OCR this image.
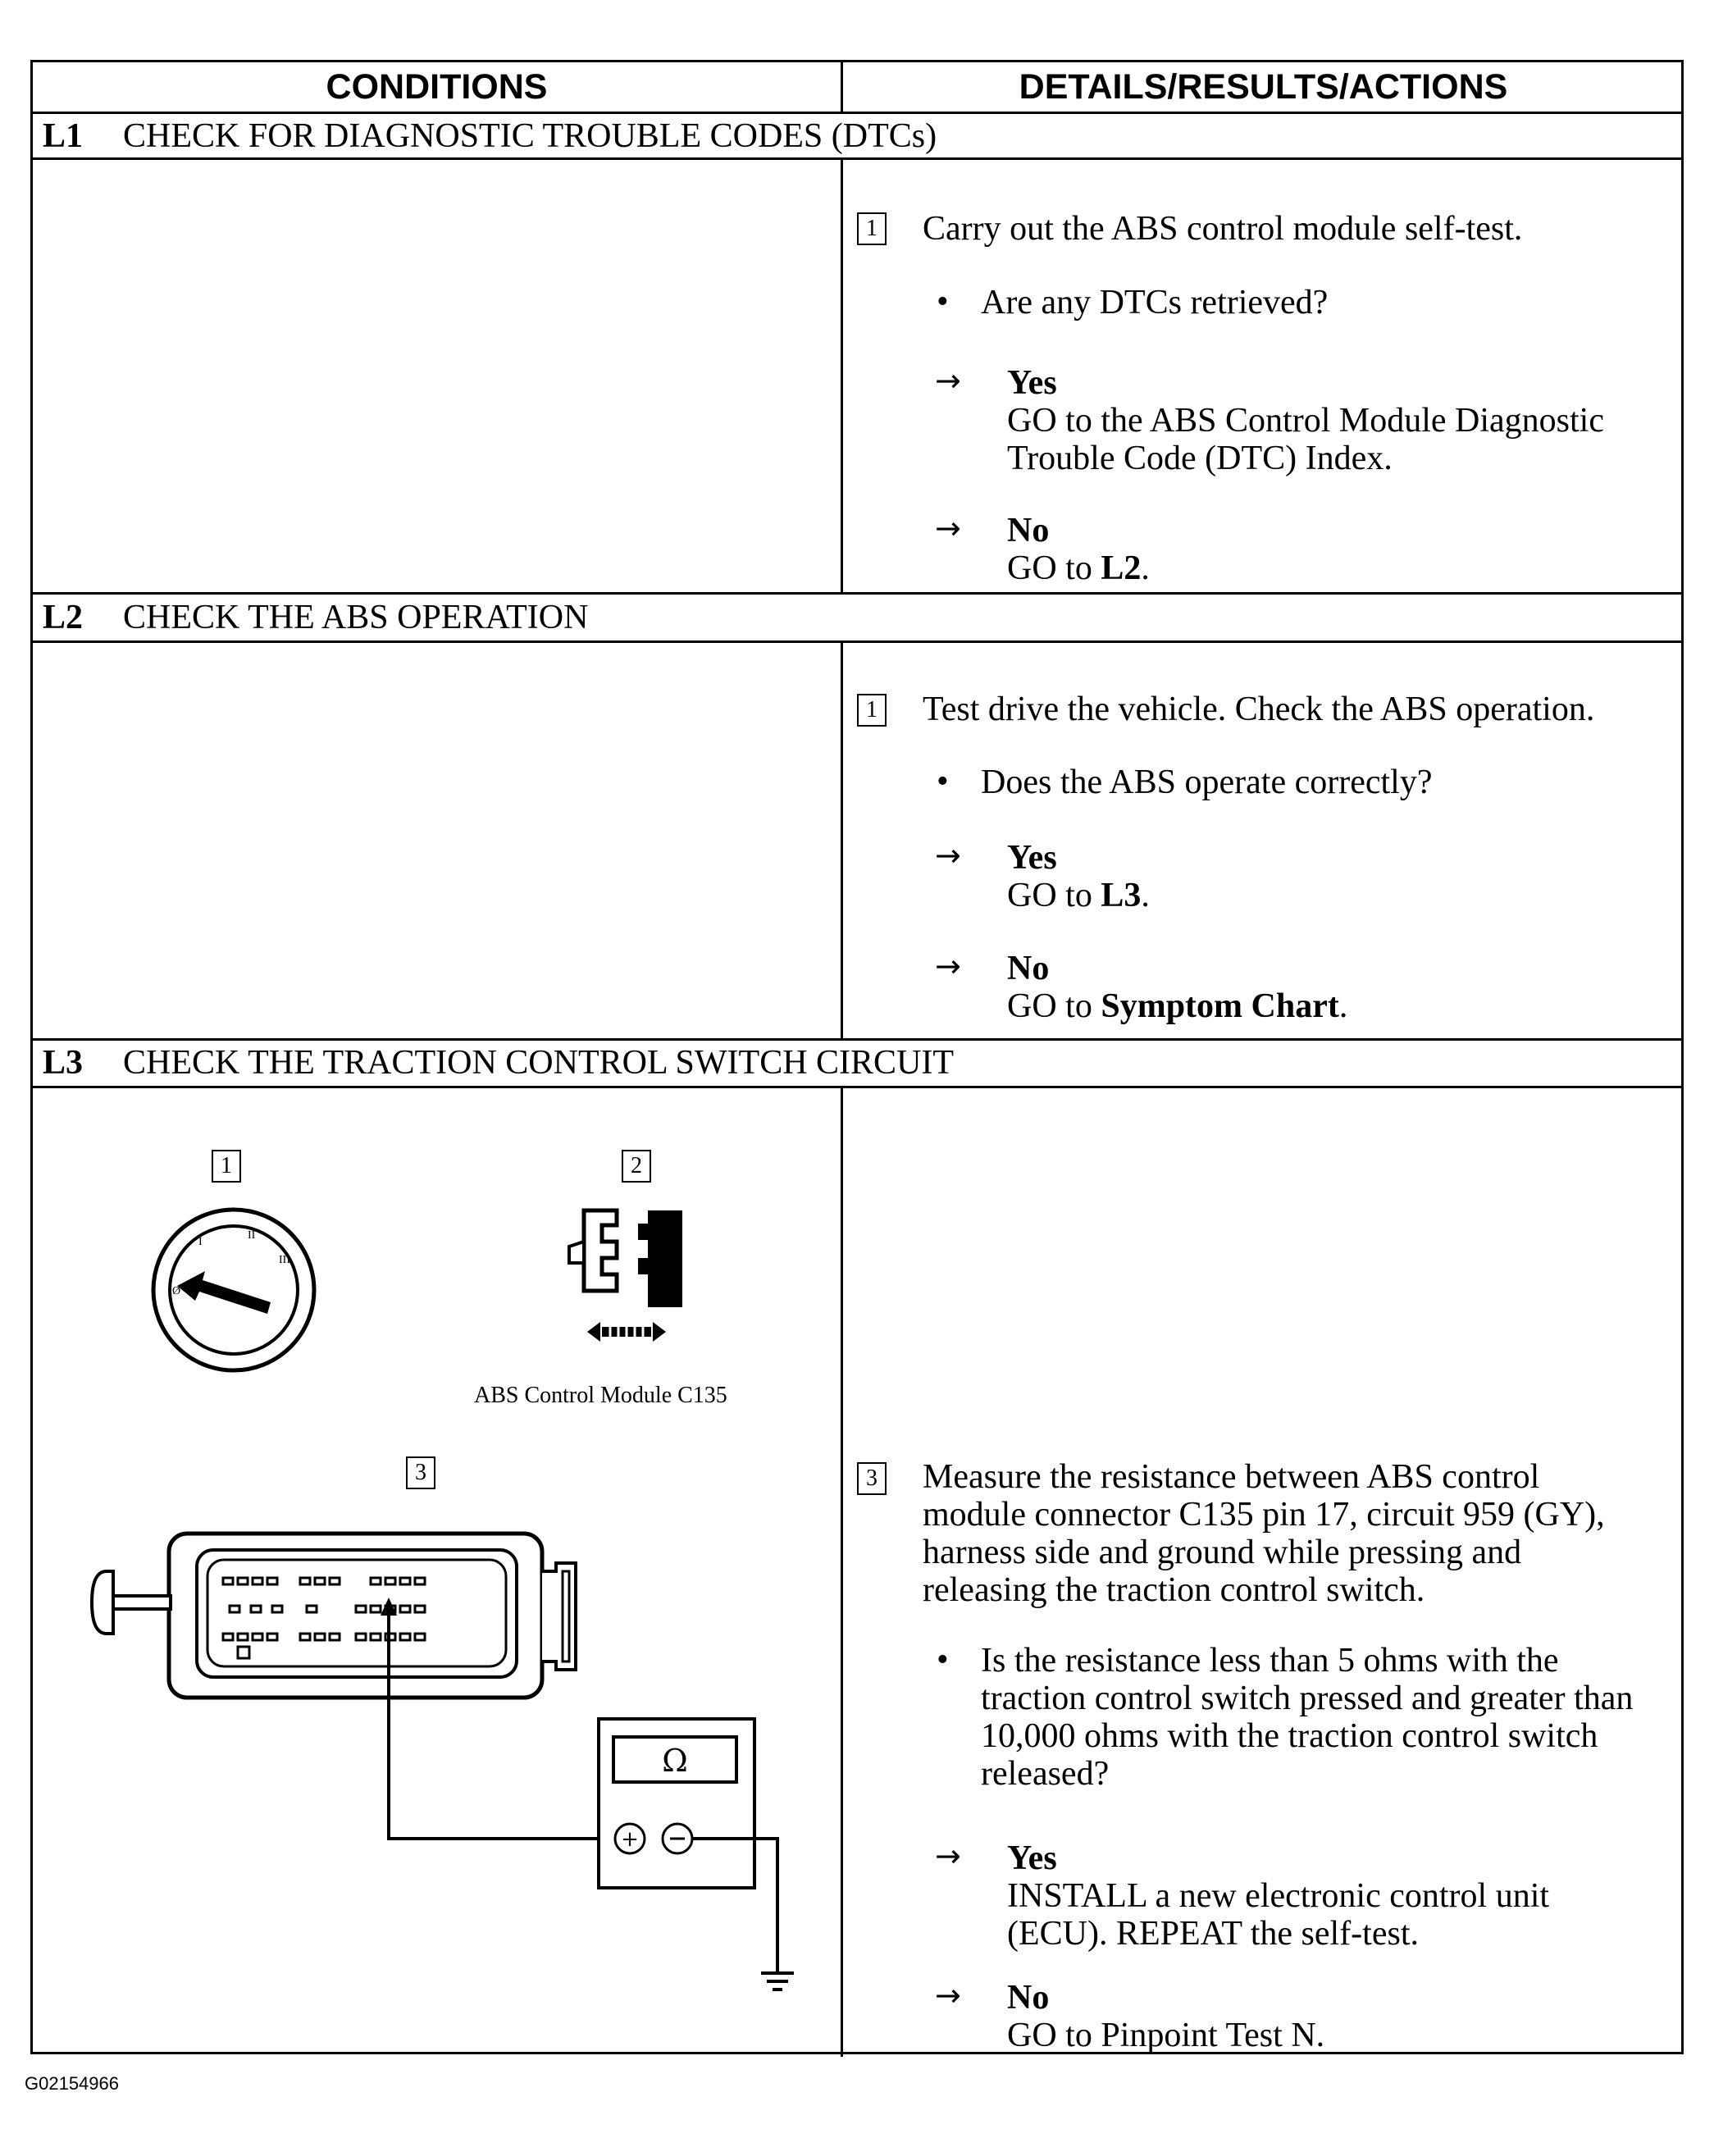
CONDITIONS	DETAILS/RESULTS/ACTIONS
L1	CHECK FOR DIAGNOSTIC TROUBLE CODES (DTCs)
1 Carry out the ABS control module self-test.
• Are any DTCs retrieved?
→ Yes
GO to the ABS Control Module Diagnostic
Trouble Code (DTC) Index.
→ No
GO to L2.
L2	CHECK THE ABS OPERATION
1 Test drive the vehicle. Check the ABS operation.
• Does the ABS operate correctly?
→ Yes
GO to L3.
→ No
GO to Symptom Chart.
L3	CHECK THE TRACTION CONTROL SWITCH CIRCUIT
1
Ø
I
II
III
2
ABS Control Module C135
3
Ω
+
3 Measure the resistance between ABS control
module connector C135 pin 17, circuit 959 (GY),
harness side and ground while pressing and
releasing the traction control switch.
• Is the resistance less than 5 ohms with the
traction control switch pressed and greater than
10,000 ohms with the traction control switch
released?
→ Yes
INSTALL a new electronic control unit
(ECU). REPEAT the self-test.
→ No
GO to Pinpoint Test N.
G02154966
